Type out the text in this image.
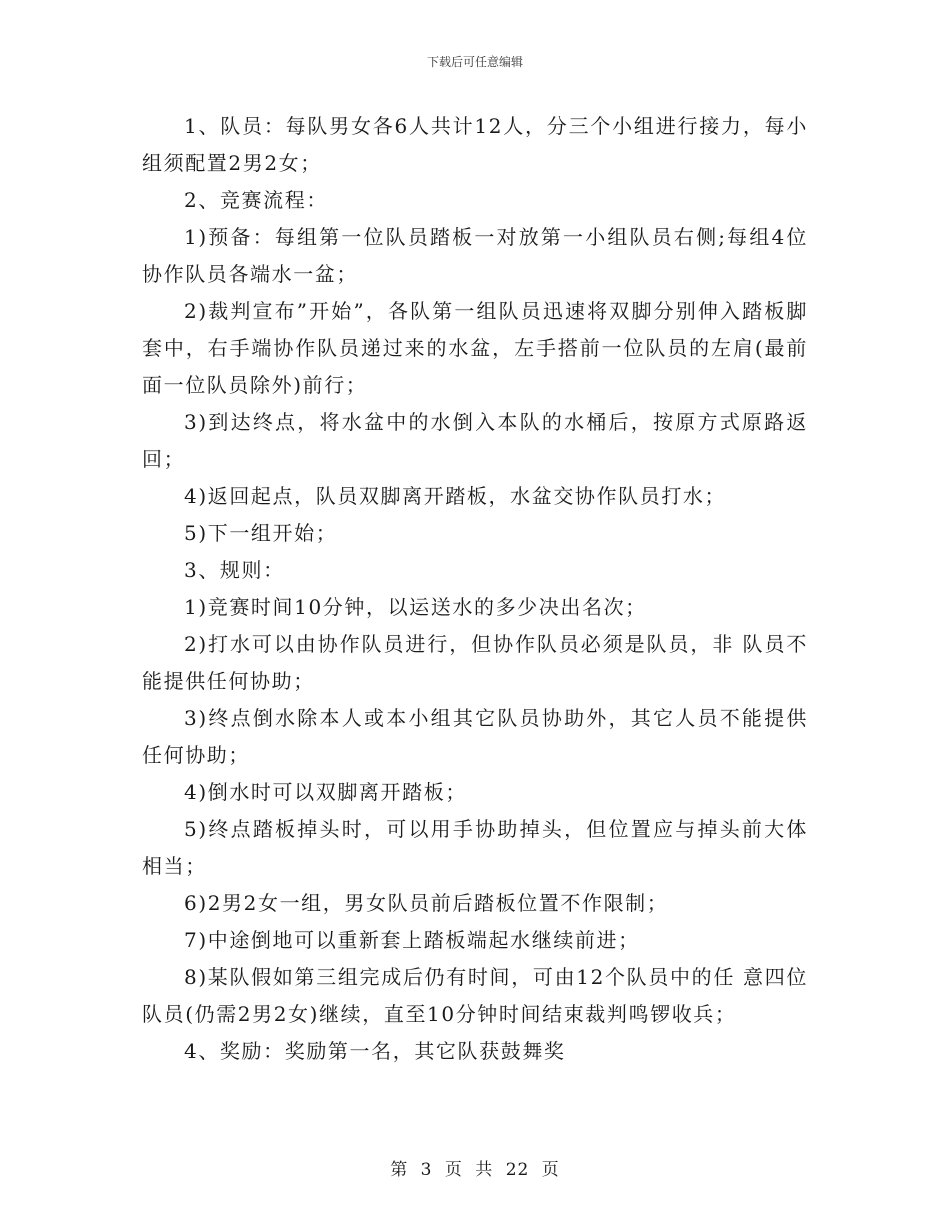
下载后可任意编辑

1、队员：每队男女各6人共计12人，分三个小组进行接力，每小组须配置2男2女；

2、竞赛流程：

1)预备：每组第一位队员踏板一对放第一小组队员右侧;每组4位协作队员各端水一盆；

2)裁判宣布”开始”，各队第一组队员迅速将双脚分别伸入踏板脚套中，右手端协作队员递过来的水盆，左手搭前一位队员的左肩(最前面一位队员除外)前行；

3)到达终点，将水盆中的水倒入本队的水桶后，按原方式原路返回；

4)返回起点，队员双脚离开踏板，水盆交协作队员打水；

5)下一组开始；

3、规则：

1)竞赛时间10分钟，以运送水的多少决出名次；

2)打水可以由协作队员进行，但协作队员必须是队员，非 队员不能提供任何协助；

3)终点倒水除本人或本小组其它队员协助外，其它人员不能提供任何协助；

4)倒水时可以双脚离开踏板；

5)终点踏板掉头时，可以用手协助掉头，但位置应与掉头前大体相当；

6)2男2女一组，男女队员前后踏板位置不作限制；

7)中途倒地可以重新套上踏板端起水继续前进；

8)某队假如第三组完成后仍有时间，可由12个队员中的任 意四位队员(仍需2男2女)继续，直至10分钟时间结束裁判鸣锣收兵；

4、奖励：奖励第一名，其它队获鼓舞奖

第 3 页 共 22 页
